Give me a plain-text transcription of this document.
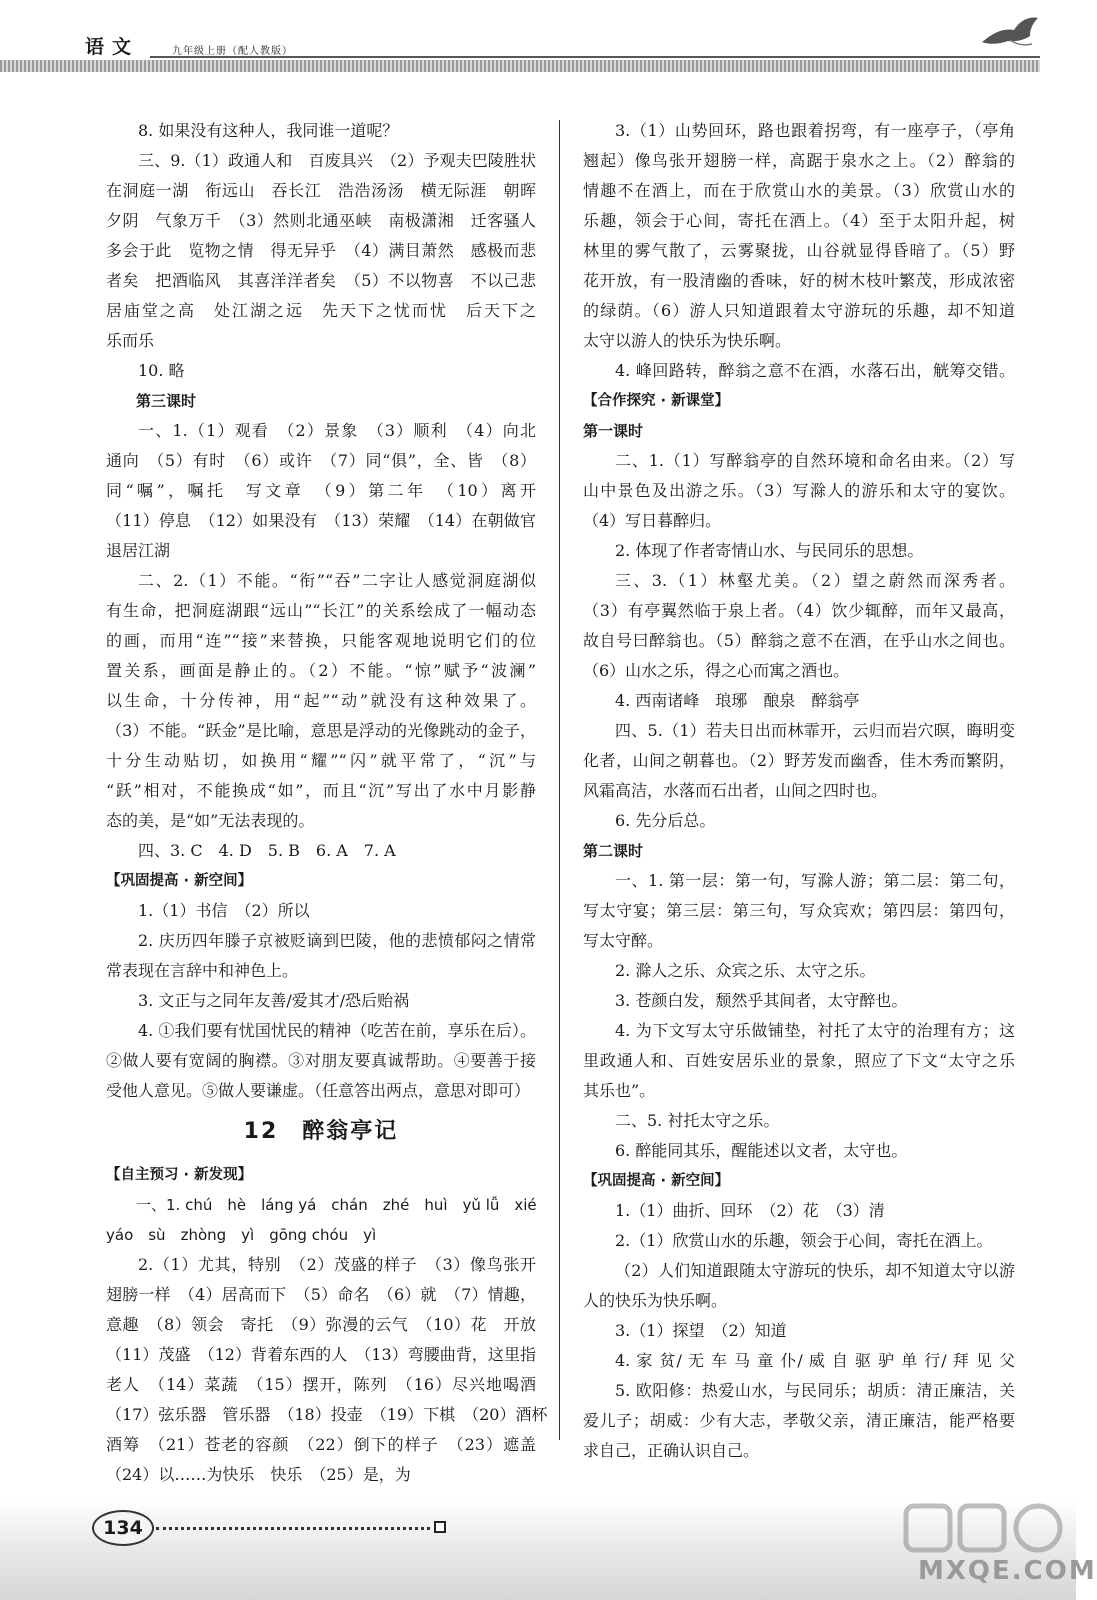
语文	九年级上册（配人教版）
8. 如果没有这种人，我同谁一道呢？
三、9.（1）政通人和　百废具兴　（2）予观夫巴陵胜状
在洞庭一湖　衔远山　吞长江　浩浩汤汤　横无际涯　朝晖
夕阴　气象万千　（3）然则北通巫峡　南极潇湘　迁客骚人
多会于此　览物之情　得无异乎　（4）满目萧然　感极而悲
者矣　把酒临风　其喜洋洋者矣　（5）不以物喜　不以己悲
居庙堂之高　处江湖之远　先天下之忧而忧　后天下之
乐而乐
10. 略
第三课时
一、1.（1）观看　（2）景象　（3）顺利　（4）向北
通向　（5）有时　（6）或许　（7）同“俱”，全、皆　（8）
同“嘱”，嘱托　写文章　（9）第二年　（10）离开
（11）停息　（12）如果没有　（13）荣耀　（14）在朝做官
退居江湖
二、2.（1）不能。“衔”“吞”二字让人感觉洞庭湖似
有生命，把洞庭湖跟“远山”“长江”的关系绘成了一幅动态
的画，而用“连”“接”来替换，只能客观地说明它们的位
置关系，画面是静止的。（2）不能。“惊”赋予“波澜”
以生命，十分传神，用“起”“动”就没有这种效果了。
（3）不能。“跃金”是比喻，意思是浮动的光像跳动的金子，
十分生动贴切，如换用“耀”“闪”就平常了，“沉”与
“跃”相对，不能换成“如”，而且“沉”写出了水中月影静
态的美，是“如”无法表现的。
四、3. C　4. D　5. B　6. A　7. A
【巩固提高 · 新空间】
1.（1）书信　（2）所以
2. 庆历四年滕子京被贬谪到巴陵，他的悲愤郁闷之情常
常表现在言辞中和神色上。
3. 文正与之同年友善/爱其才/恐后贻祸
4. ①我们要有忧国忧民的精神（吃苦在前，享乐在后）。
②做人要有宽阔的胸襟。③对朋友要真诚帮助。④要善于接
受他人意见。⑤做人要谦虚。（任意答出两点，意思对即可）
12 醉翁亭记
【自主预习 · 新发现】
一、1. chú　hè　láng yá　chán　zhé　huì　yǔ lǚ　xié
yáo　sù　zhòng　yì　gōng chóu　yì
2.（1）尤其，特别　（2）茂盛的样子　（3）像鸟张开
翅膀一样　（4）居高而下　（5）命名　（6）就　（7）情趣，
意趣　（8）领会　寄托　（9）弥漫的云气　（10）花　开放
（11）茂盛　（12）背着东西的人　（13）弯腰曲背，这里指
老人　（14）菜蔬　（15）摆开，陈列　（16）尽兴地喝酒
（17）弦乐器　管乐器　（18）投壶　（19）下棋　（20）酒杯
酒筹　（21）苍老的容颜　（22）倒下的样子　（23）遮盖
（24）以……为快乐　快乐　（25）是，为
3.（1）山势回环，路也跟着拐弯，有一座亭子，（亭角
翘起）像鸟张开翅膀一样，高踞于泉水之上。（2）醉翁的
情趣不在酒上，而在于欣赏山水的美景。（3）欣赏山水的
乐趣，领会于心间，寄托在酒上。（4）至于太阳升起，树
林里的雾气散了，云雾聚拢，山谷就显得昏暗了。（5）野
花开放，有一股清幽的香味，好的树木枝叶繁茂，形成浓密
的绿荫。（6）游人只知道跟着太守游玩的乐趣，却不知道
太守以游人的快乐为快乐啊。
4. 峰回路转，醉翁之意不在酒，水落石出，觥筹交错。
【合作探究 · 新课堂】
第一课时
二、1.（1）写醉翁亭的自然环境和命名由来。（2）写
山中景色及出游之乐。（3）写滁人的游乐和太守的宴饮。
（4）写日暮醉归。
2. 体现了作者寄情山水、与民同乐的思想。
三、3.（1）林壑尤美。（2）望之蔚然而深秀者。
（3）有亭翼然临于泉上者。（4）饮少辄醉，而年又最高，
故自号曰醉翁也。（5）醉翁之意不在酒，在乎山水之间也。
（6）山水之乐，得之心而寓之酒也。
4. 西南诸峰　琅琊　酿泉　醉翁亭
四、5.（1）若夫日出而林霏开，云归而岩穴暝，晦明变
化者，山间之朝暮也。（2）野芳发而幽香，佳木秀而繁阴，
风霜高洁，水落而石出者，山间之四时也。
6. 先分后总。
第二课时
一、1. 第一层：第一句，写滁人游；第二层：第二句，
写太守宴；第三层：第三句，写众宾欢；第四层：第四句，
写太守醉。
2. 滁人之乐、众宾之乐、太守之乐。
3. 苍颜白发，颓然乎其间者，太守醉也。
4. 为下文写太守乐做铺垫，衬托了太守的治理有方；这
里政通人和、百姓安居乐业的景象，照应了下文“太守之乐
其乐也”。
二、5. 衬托太守之乐。
6. 醉能同其乐，醒能述以文者，太守也。
【巩固提高 · 新空间】
1.（1）曲折、回环　（2）花　（3）清
2.（1）欣赏山水的乐趣，领会于心间，寄托在酒上。
（2）人们知道跟随太守游玩的快乐，却不知道太守以游
人的快乐为快乐啊。
3.（1）探望　（2）知道
4. 家 贫/ 无 车 马 童 仆/ 威 自 驱 驴 单 行/ 拜 见 父
5. 欧阳修：热爱山水，与民同乐；胡质：清正廉洁，关
爱儿子；胡威：少有大志，孝敬父亲，清正廉洁，能严格要
求自己，正确认识自己。
134
MXQE.COM
